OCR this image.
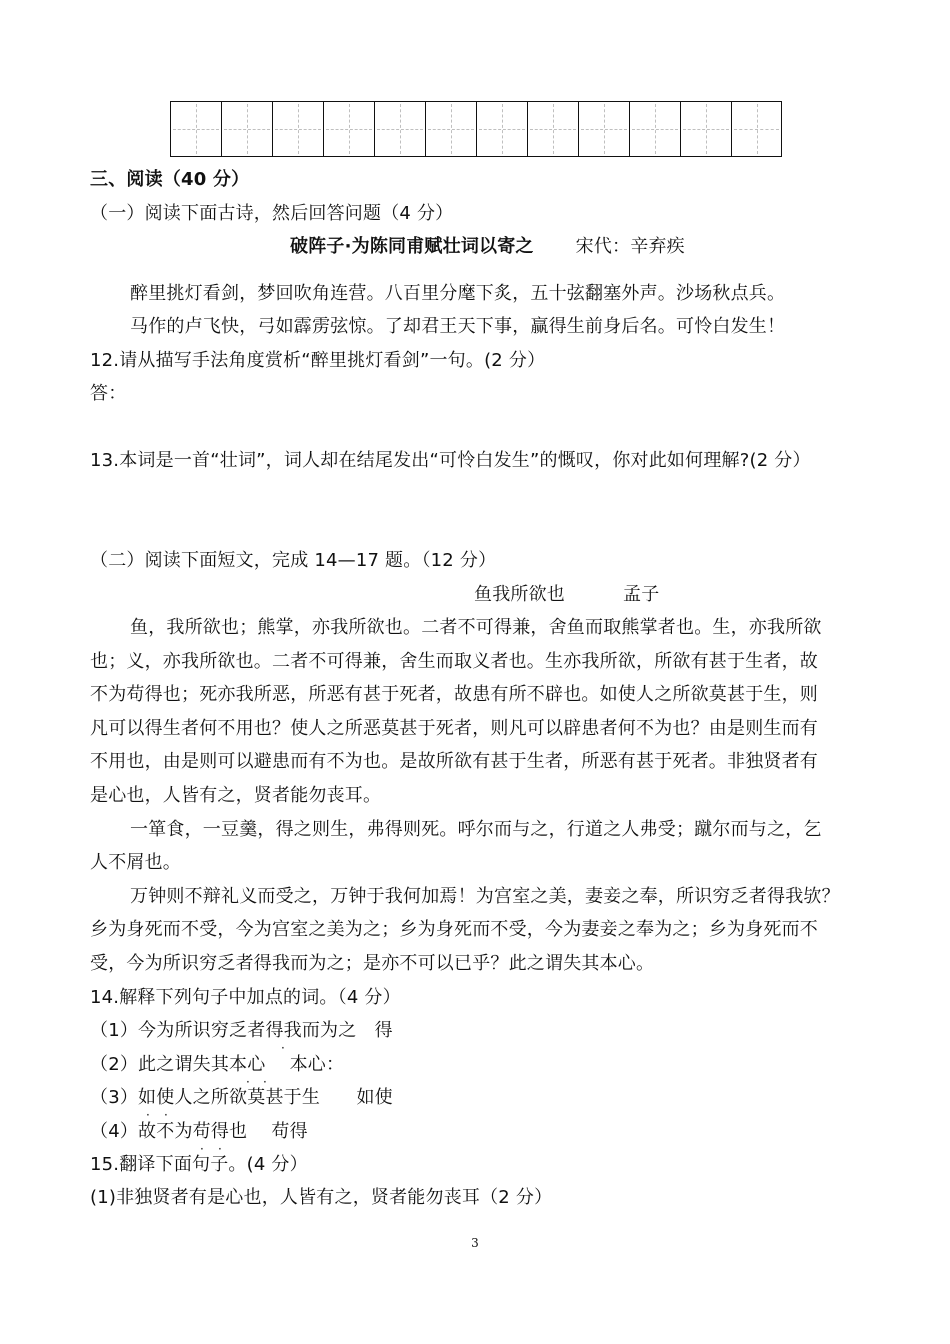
三、阅读（40 分）
（一）阅读下面古诗，然后回答问题（4 分）
破阵子·为陈同甫赋壮词以寄之 宋代：辛弃疾
醉里挑灯看剑，梦回吹角连营。八百里分麾下炙，五十弦翻塞外声。沙场秋点兵。
马作的卢飞快，弓如霹雳弦惊。了却君王天下事，赢得生前身后名。可怜白发生！
12.请从描写手法角度赏析“醉里挑灯看剑”一句。(2 分）
答：
13.本词是一首“壮词”，词人却在结尾发出“可怜白发生”的慨叹，你对此如何理解?(2 分）
（二）阅读下面短文，完成 14—17 题。（12 分）
鱼我所欲也	孟子
鱼，我所欲也；熊掌，亦我所欲也。二者不可得兼，舍鱼而取熊掌者也。生，亦我所欲
也；义，亦我所欲也。二者不可得兼，舍生而取义者也。生亦我所欲，所欲有甚于生者，故
不为苟得也；死亦我所恶，所恶有甚于死者，故患有所不辟也。如使人之所欲莫甚于生，则
凡可以得生者何不用也？使人之所恶莫甚于死者，则凡可以辟患者何不为也？由是则生而有
不用也，由是则可以避患而有不为也。是故所欲有甚于生者，所恶有甚于死者。非独贤者有
是心也，人皆有之，贤者能勿丧耳。
一箪食，一豆羹，得之则生，弗得则死。呼尔而与之，行道之人弗受；蹴尔而与之，乞
人不屑也。
万钟则不辩礼义而受之，万钟于我何加焉！为宫室之美，妻妾之奉，所识穷乏者得我欤？
乡为身死而不受，今为宫室之美为之；乡为身死而不受，今为妻妾之奉为之；乡为身死而不
受，今为所识穷乏者得我而为之；是亦不可以已乎？此之谓失其本心。
14.解释下列句子中加点的词。（4 分）
（1）今为所识穷乏者得我而为之　得
·
（2）此之谓失其本心　 本心：
· ·
（3）如使人之所欲莫甚于生　　如使
· ·
（4）故不为苟得也　 苟得
· ·
15.翻译下面句子。(4 分）
(1)非独贤者有是心也，人皆有之，贤者能勿丧耳（2 分）
3
